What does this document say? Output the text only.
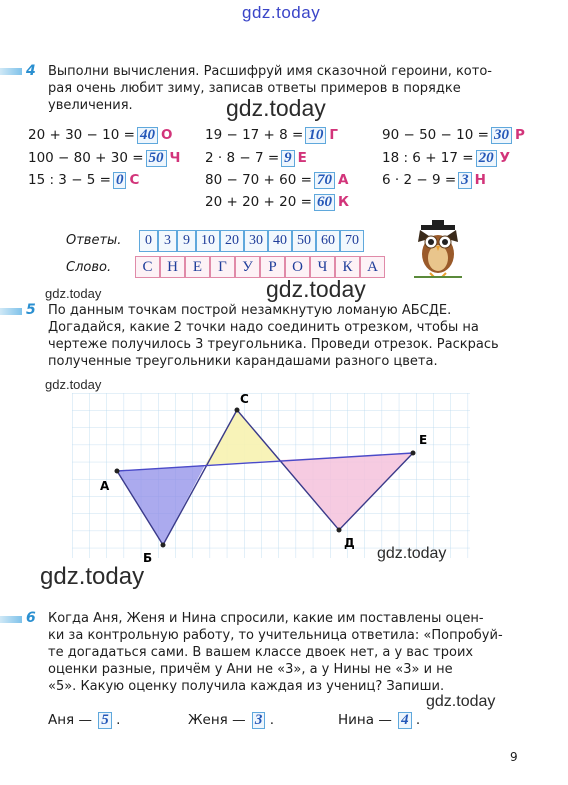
gdz.today
4 Выполни вычисления. Расшифруй имя сказочной героини, кото-
рая очень любит зиму, записав ответы примеров в порядке
увеличения.	gdz.today
20 + 30 − 10 = 40 О
100 − 80 + 30 = 50 Ч
15 : 3 − 5 = 0 С
19 − 17 + 8 = 10 Г
2 · 8 − 7 = 9 Е
80 − 70 + 60 = 70 А
20 + 20 + 20 = 60 К
90 − 50 − 10 = 30 Р
18 : 6 + 17 = 20 У
6 · 2 − 9 = 3 Н
Ответы.	0 3 9 10 20 30 40 50 60 70
Слово.	С Н Е	Г	У	Р	О Ч	К А
gdz.today
gdz.today
5 По данным точкам построй незамкнутую ломаную АБСДЕ.
Догадайся, какие 2 точки надо соединить отрезком, чтобы на
чертеже получилось 3 треугольника. Проведи отрезок. Раскрась
полученные треугольники карандашами разного цвета.
gdz.today
А
Б
С
Д
Е
gdz.today
gdz.today
6 Когда Аня, Женя и Нина спросили, какие им поставлены оцен-
ки за контрольную работу, то учительница ответила: «Попробуй-
те догадаться сами. В вашем классе двоек нет, а у вас троих
оценки разные, причём у Ани не «3», а у Нины не «3» и не
«5». Какую оценку получила каждая из учениц? Запиши.
gdz.today
Аня — 5 .	Женя — 3 .	Нина — 4 .
9
